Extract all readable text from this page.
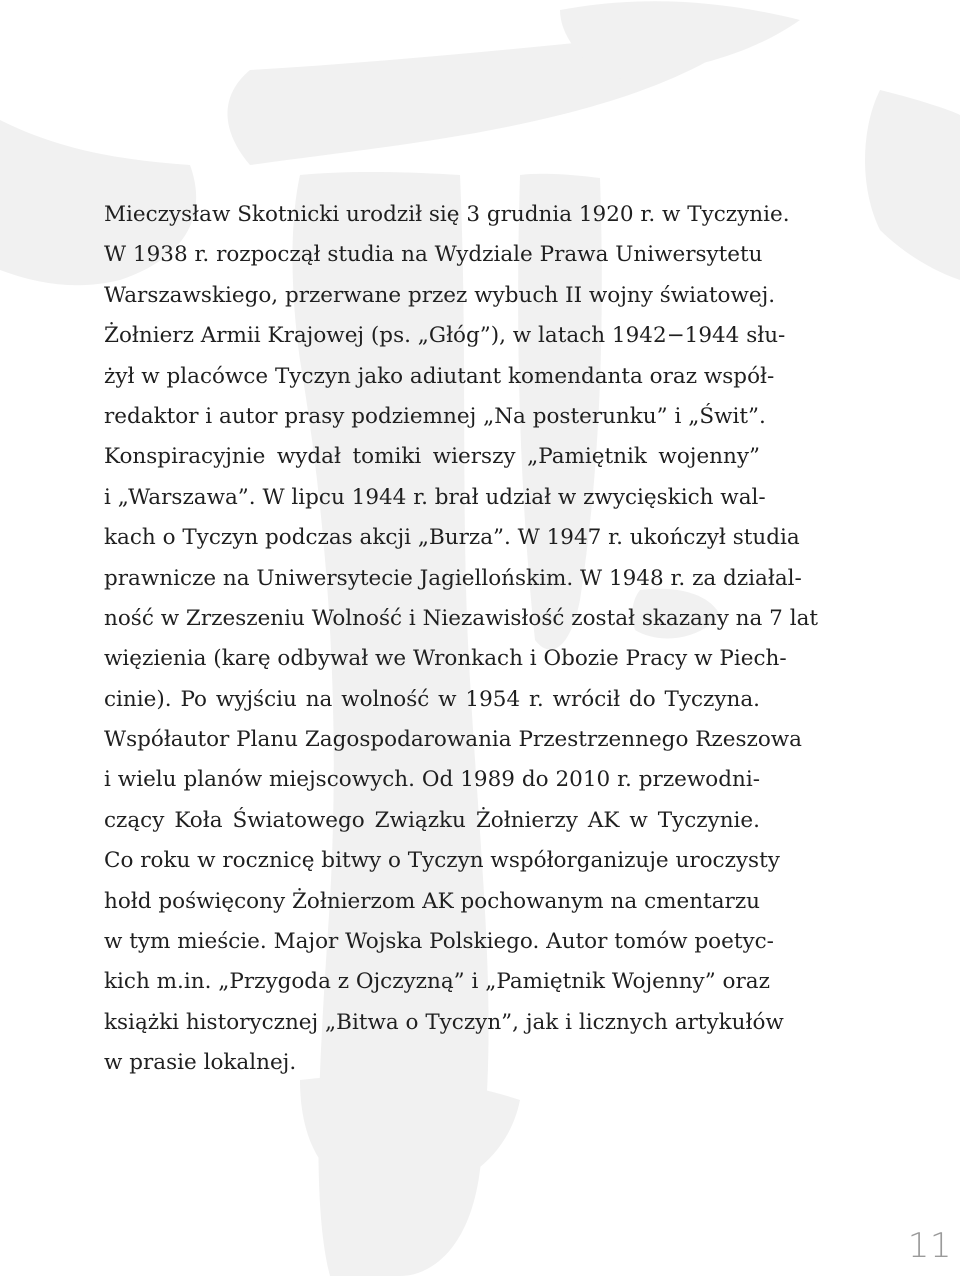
Mieczysław Skotnicki urodził się 3 grudnia 1920 r. w Tyczynie.
W 1938 r. rozpoczął studia na Wydziale Prawa Uniwersytetu
Warszawskiego, przerwane przez wybuch II wojny światowej.
Żołnierz Armii Krajowej (ps. „Głóg”), w latach 1942−1944 słu-
żył w placówce Tyczyn jako adiutant komendanta oraz współ-
redaktor i autor prasy podziemnej „Na posterunku” i „Świt”.
Konspiracyjnie wydał tomiki wierszy „Pamiętnik wojenny”
i „Warszawa”. W lipcu 1944 r. brał udział w zwycięskich wal-
kach o Tyczyn podczas akcji „Burza”. W 1947 r. ukończył studia
prawnicze na Uniwersytecie Jagiellońskim. W 1948 r. za działal-
ność w Zrzeszeniu Wolność i Niezawisłość został skazany na 7 lat
więzienia (karę odbywał we Wronkach i Obozie Pracy w Piech-
cinie). Po wyjściu na wolność w 1954 r. wrócił do Tyczyna.
Współautor Planu Zagospodarowania Przestrzennego Rzeszowa
i wielu planów miejscowych. Od 1989 do 2010 r. przewodni-
czący Koła Światowego Związku Żołnierzy AK w Tyczynie.
Co roku w rocznicę bitwy o Tyczyn współorganizuje uroczysty
hołd poświęcony Żołnierzom AK pochowanym na cmentarzu
w tym mieście. Major Wojska Polskiego. Autor tomów poetyc-
kich m.in. „Przygoda z Ojczyzną” i „Pamiętnik Wojenny” oraz
książki historycznej „Bitwa o Tyczyn”, jak i licznych artykułów
w prasie lokalnej.
11
